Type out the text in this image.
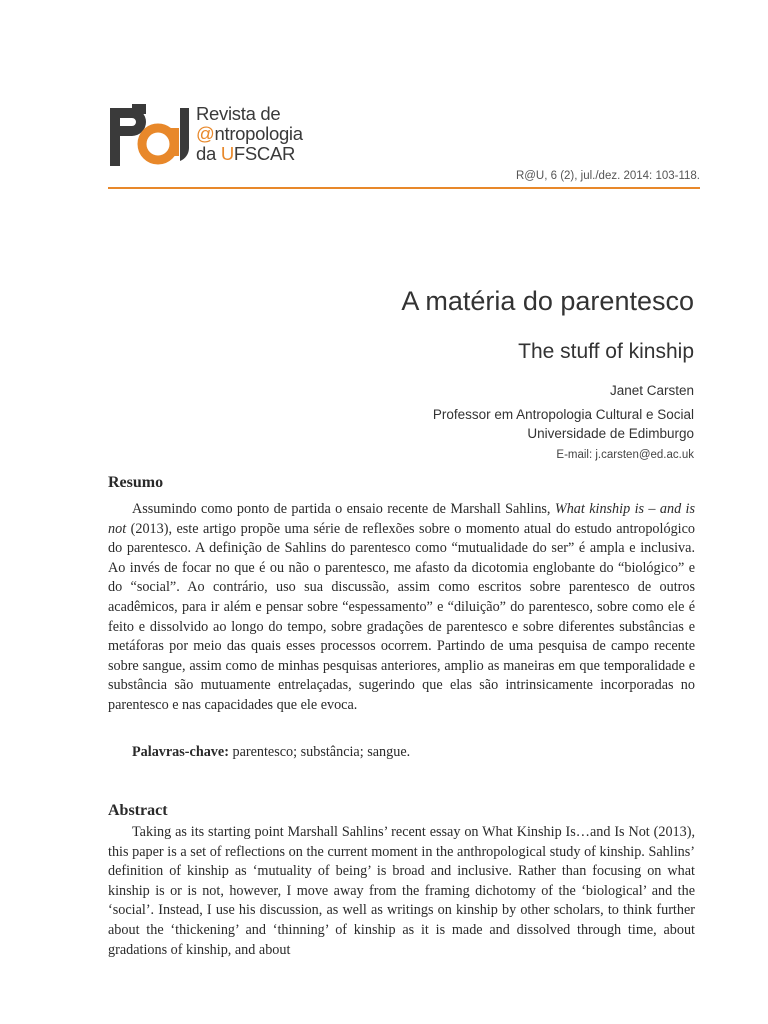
Revista de
@ntropologia
da UFSCAR
R@U, 6 (2), jul./dez. 2014: 103-118.
A matéria do parentesco
The stuff of kinship
Janet Carsten
Professor em Antropologia Cultural e Social
Universidade de Edimburgo
E-mail: j.carsten@ed.ac.uk
Resumo

Assumindo como ponto de partida o ensaio recente de Marshall Sahlins, What kinship is – and is not (2013), este artigo propõe uma série de reflexões sobre o momento atual do estudo antropológico do parentesco. A definição de Sahlins do parentesco como “mutualidade do ser” é ampla e inclusiva. Ao invés de focar no que é ou não o parentesco, me afasto da dicotomia englobante do “biológico” e do “social”. Ao contrário, uso sua discussão, assim como escritos sobre parentesco de outros acadêmicos, para ir além e pensar sobre “espessamento” e “diluição” do parentesco, sobre como ele é feito e dissolvido ao longo do tempo, sobre gradações de parentesco e sobre diferentes substâncias e metáforas por meio das quais esses processos ocorrem. Partindo de uma pesquisa de campo recente sobre sangue, assim como de minhas pesquisas anteriores, amplio as maneiras em que temporalidade e substância são mutuamente entrelaçadas, sugerindo que elas são intrinsicamente incorporadas no parentesco e nas capacidades que ele evoca.

Palavras-chave: parentesco; substância; sangue.

Abstract

Taking as its starting point Marshall Sahlins’ recent essay on What Kinship Is…and Is Not (2013), this paper is a set of reflections on the current moment in the anthropological study of kinship. Sahlins’ definition of kinship as ‘mutuality of being’ is broad and inclusive. Rather than focusing on what kinship is or is not, however, I move away from the framing dichotomy of the ‘biological’ and the ‘social’. Instead, I use his discussion, as well as writings on kinship by other scholars, to think further about the ‘thickening’ and ‘thinning’ of kinship as it is made and dissolved through time, about gradations of kinship, and about
